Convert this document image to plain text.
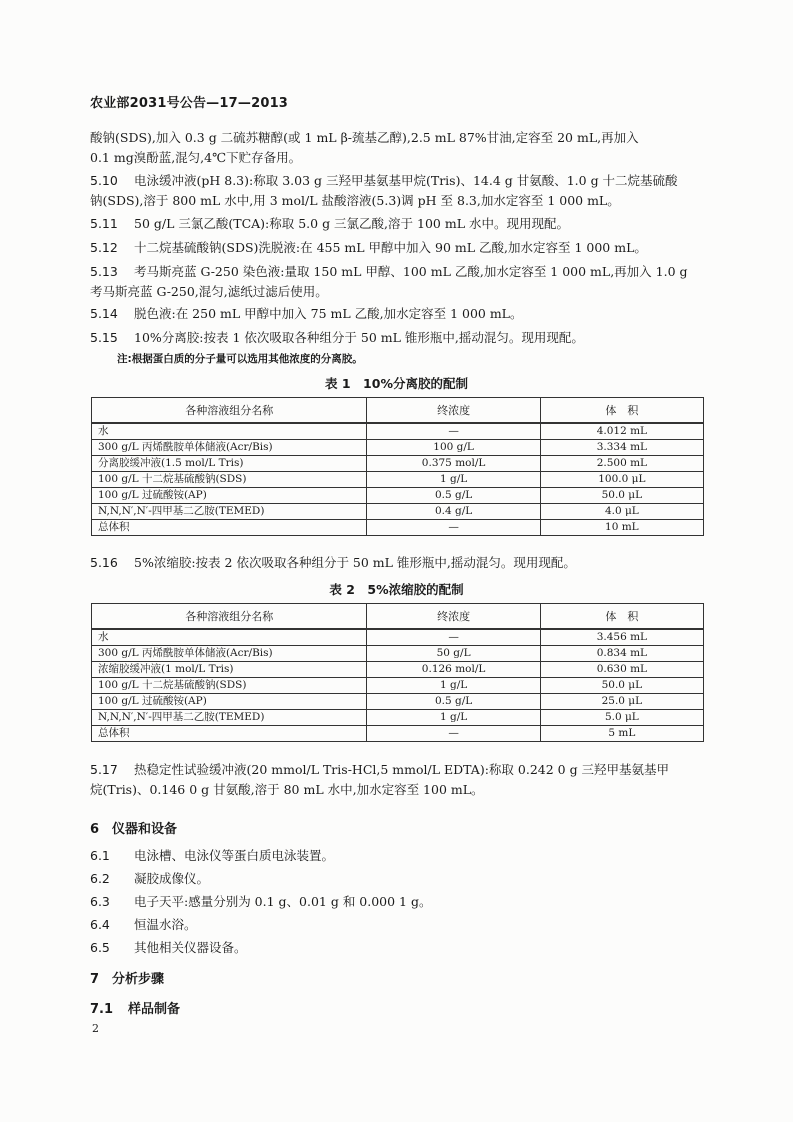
农业部2031号公告—17—2013

酸钠(SDS),加入 0.3 g 二硫苏糖醇(或 1 mL β-巯基乙醇),2.5 mL 87%甘油,定容至 20 mL,再加入
0.1 mg溴酚蓝,混匀,4℃下贮存备用。

5.10 电泳缓冲液(pH 8.3):称取 3.03 g 三羟甲基氨基甲烷(Tris)、14.4 g 甘氨酸、1.0 g 十二烷基硫酸
钠(SDS),溶于 800 mL 水中,用 3 mol/L 盐酸溶液(5.3)调 pH 至 8.3,加水定容至 1 000 mL。

5.11 50 g/L 三氯乙酸(TCA):称取 5.0 g 三氯乙酸,溶于 100 mL 水中。现用现配。

5.12 十二烷基硫酸钠(SDS)洗脱液:在 455 mL 甲醇中加入 90 mL 乙酸,加水定容至 1 000 mL。

5.13 考马斯亮蓝 G-250 染色液:量取 150 mL 甲醇、100 mL 乙酸,加水定容至 1 000 mL,再加入 1.0 g
考马斯亮蓝 G-250,混匀,滤纸过滤后使用。

5.14 脱色液:在 250 mL 甲醇中加入 75 mL 乙酸,加水定容至 1 000 mL。

5.15 10%分离胶:按表 1 依次吸取各种组分于 50 mL 锥形瓶中,摇动混匀。现用现配。

注:根据蛋白质的分子量可以选用其他浓度的分离胶。
表 1　10%分离胶的配制
各种溶液组分名称	终浓度	体　积
水	—	4.012 mL
300 g/L 丙烯酰胺单体储液(Acr/Bis)	100 g/L	3.334 mL
分离胶缓冲液(1.5 mol/L Tris)	0.375 mol/L	2.500 mL
100 g/L 十二烷基硫酸钠(SDS)	1 g/L	100.0 μL
100 g/L 过硫酸铵(AP)	0.5 g/L	50.0 μL
N,N,N′,N′-四甲基二乙胺(TEMED)	0.4 g/L	4.0 μL
总体积	—	10 mL

5.16 5%浓缩胶:按表 2 依次吸取各种组分于 50 mL 锥形瓶中,摇动混匀。现用现配。

表 2　5%浓缩胶的配制
各种溶液组分名称	终浓度	体　积
水	—	3.456 mL
300 g/L 丙烯酰胺单体储液(Acr/Bis)	50 g/L	0.834 mL
浓缩胶缓冲液(1 mol/L Tris)	0.126 mol/L	0.630 mL
100 g/L 十二烷基硫酸钠(SDS)	1 g/L	50.0 μL
100 g/L 过硫酸铵(AP)	0.5 g/L	25.0 μL
N,N,N′,N′-四甲基二乙胺(TEMED)	1 g/L	5.0 μL
总体积	—	5 mL

5.17 热稳定性试验缓冲液(20 mmol/L Tris-HCl,5 mmol/L EDTA):称取 0.242 0 g 三羟甲基氨基甲
烷(Tris)、0.146 0 g 甘氨酸,溶于 80 mL 水中,加水定容至 100 mL。

6 仪器和设备

6.1 电泳槽、电泳仪等蛋白质电泳装置。

6.2 凝胶成像仪。

6.3 电子天平:感量分别为 0.1 g、0.01 g 和 0.000 1 g。

6.4 恒温水浴。

6.5 其他相关仪器设备。

7 分析步骤
7.1 样品制备
2
